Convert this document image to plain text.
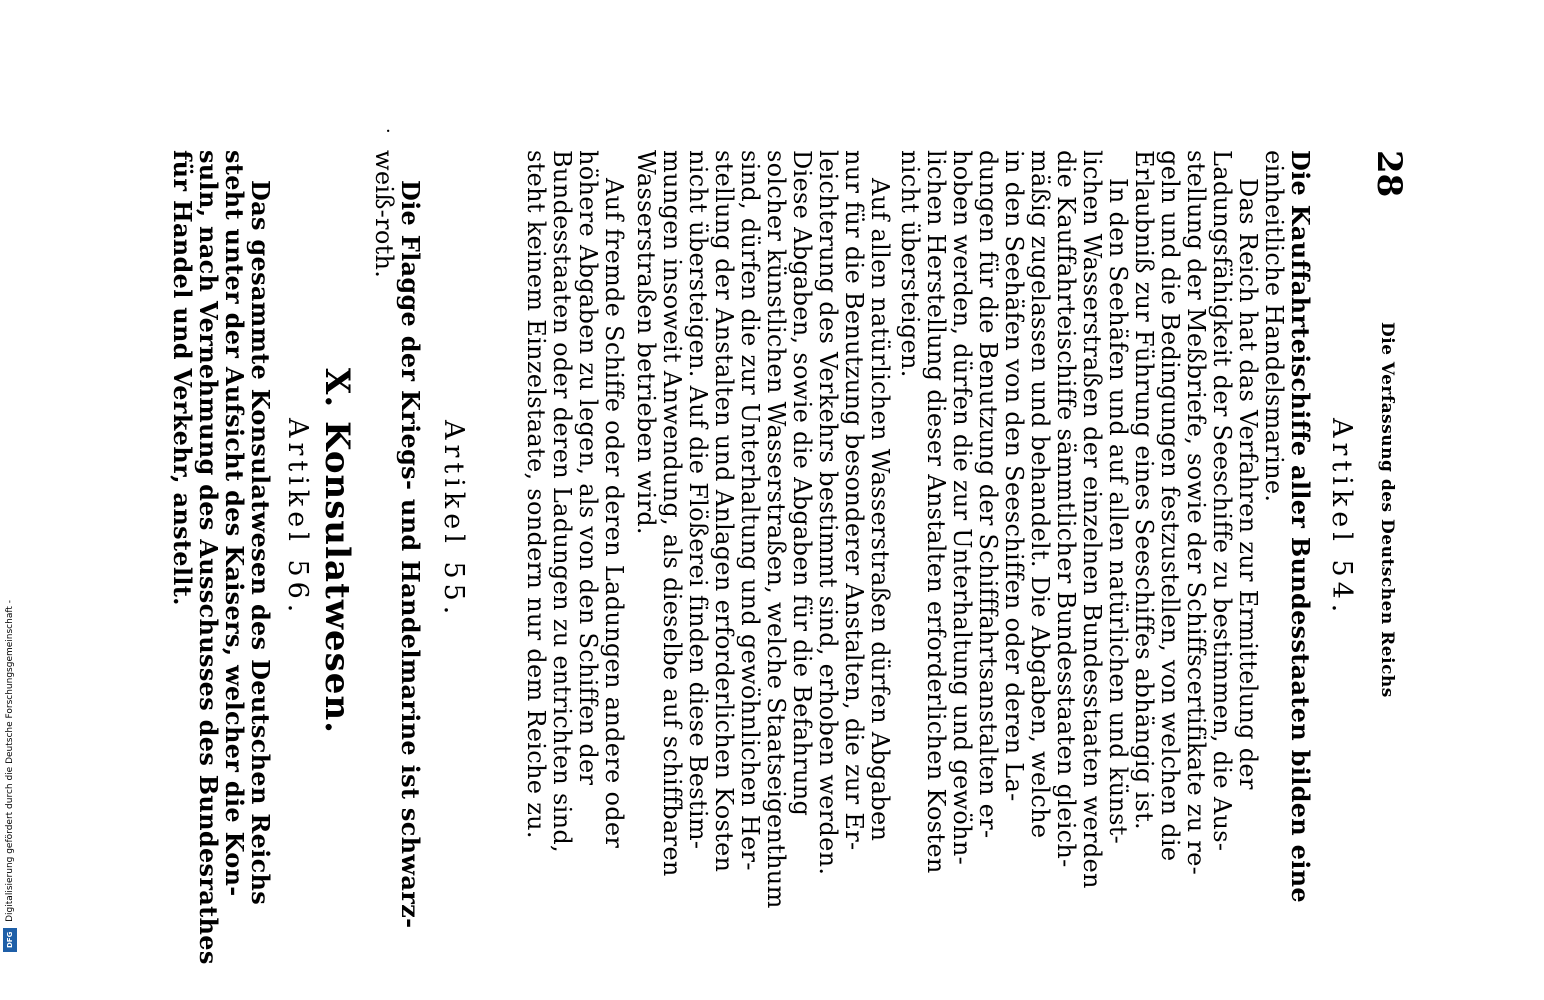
28
Die Verfassung des Deutschen Reichs
Artikel 54.
Die Kauffahrteischiffe aller Bundesstaaten bilden eine
einheitliche Handelsmarine.
Das Reich hat das Verfahren zur Ermittelung der
Ladungsfähigkeit der Seeschiffe zu bestimmen, die Aus-
stellung der Meßbriefe, sowie der Schiffscertifikate zu re-
geln und die Bedingungen festzustellen, von welchen die
Erlaubniß zur Führung eines Seeschiffes abhängig ist.
In den Seehäfen und auf allen natürlichen und künst-
lichen Wasserstraßen der einzelnen Bundesstaaten werden
die Kauffahrteischiffe sämmtlicher Bundesstaaten gleich-
mäßig zugelassen und behandelt. Die Abgaben, welche
in den Seehäfen von den Seeschiffen oder deren La-
dungen für die Benutzung der Schifffahrtsanstalten er-
hoben werden, dürfen die zur Unterhaltung und gewöhn-
lichen Herstellung dieser Anstalten erforderlichen Kosten
nicht übersteigen.
Auf allen natürlichen Wasserstraßen dürfen Abgaben
nur für die Benutzung besonderer Anstalten, die zur Er-
leichterung des Verkehrs bestimmt sind, erhoben werden.
Diese Abgaben, sowie die Abgaben für die Befahrung
solcher künstlichen Wasserstraßen, welche Staatseigenthum
sind, dürfen die zur Unterhaltung und gewöhnlichen Her-
stellung der Anstalten und Anlagen erforderlichen Kosten
nicht übersteigen. Auf die Flößerei finden diese Bestim-
mungen insoweit Anwendung, als dieselbe auf schiffbaren
Wasserstraßen betrieben wird.
Artikel 55.	Auf fremde Schiffe oder deren Ladungen andere oder
höhere Abgaben zu legen, als von den Schiffen der
Bundesstaaten oder deren Ladungen zu entrichten sind,
steht keinem Einzelstaate, sondern nur dem Reiche zu.
Die Flagge der Kriegs- und Handelmarine ist schwarz-
weiß-roth.
·
X. Konsulatwesen.
Artikel 56.
Das gesammte Konsulatwesen des Deutschen Reichs
steht unter der Aufsicht des Kaisers, welcher die Kon-
suln, nach Vernehmung des Ausschusses des Bundesrathes
für Handel und Verkehr, anstellt.
Digitalisierung gefördert durch die Deutsche Forschungsgemeinschaft -
DFG
